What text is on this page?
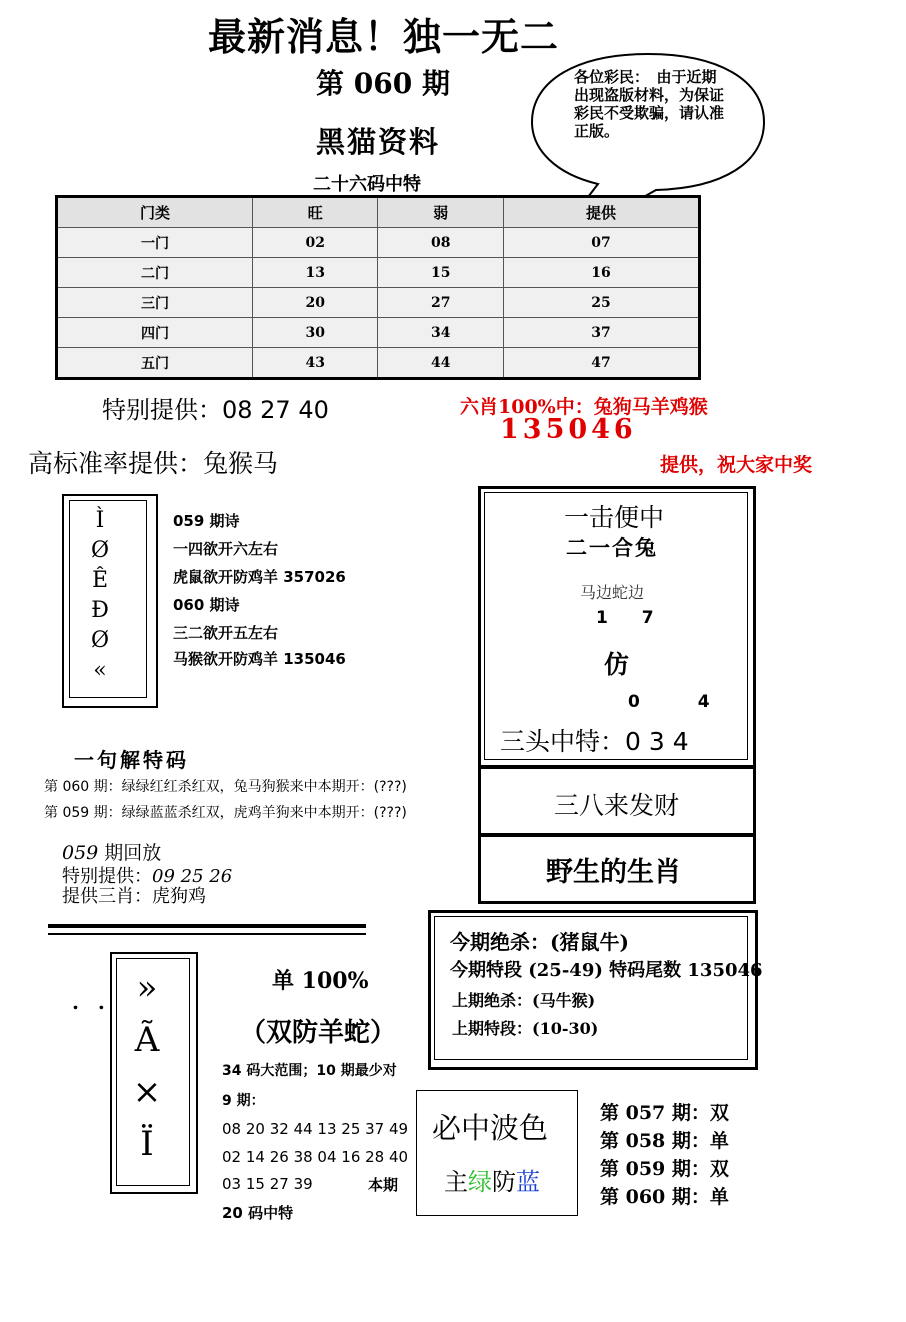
最新消息！独一无二
第 060 期
黑猫资料
二十六码中特
各位彩民：　由于近期出现盗版材料，为保证彩民不受欺骗，请认准正版。
门类	旺	弱	提供
一门	02	08	07
二门	13	15	16
三门	20	27	25
四门	30	34	37
五门	43	44	47
特别提供：08 27 40	六肖100%中：兔狗马羊鸡猴
135046
高标准率提供：兔猴马	提供，祝大家中奖
Ì
Ø
Ê
Ð
Ø
«
059 期诗
一四欲开六左右
虎鼠欲开防鸡羊 357026
060 期诗
三二欲开五左右
马猴欲开防鸡羊 135046
一击便中
二一合兔
马边蛇边
1 7
仿
0 4
三头中特：0 3 4
三八来发财
野生的生肖
今期绝杀：(猪鼠牛)
今期特段 (25-49) 特码尾数 135046
上期绝杀：(马牛猴)
上期特段：(10-30)
一句解特码
第 060 期：绿绿红红杀红双，兔马狗猴来中本期开：(???)
第 059 期：绿绿蓝蓝杀红双，虎鸡羊狗来中本期开：(???)
059 期回放
特别提供：09 25 26
提供三肖：虎狗鸡
. . »
Ã
×
Ï
单 100%
（双防羊蛇）
34 码大范围；10 期最少对
9 期：
08 20 32 44 13 25 37 49
02 14 26 38 04 16 28 40
03 15 27 39	本期
20 码中特
必中波色
主绿防蓝
第 057 期：双
第 058 期：单
第 059 期：双
第 060 期：单
